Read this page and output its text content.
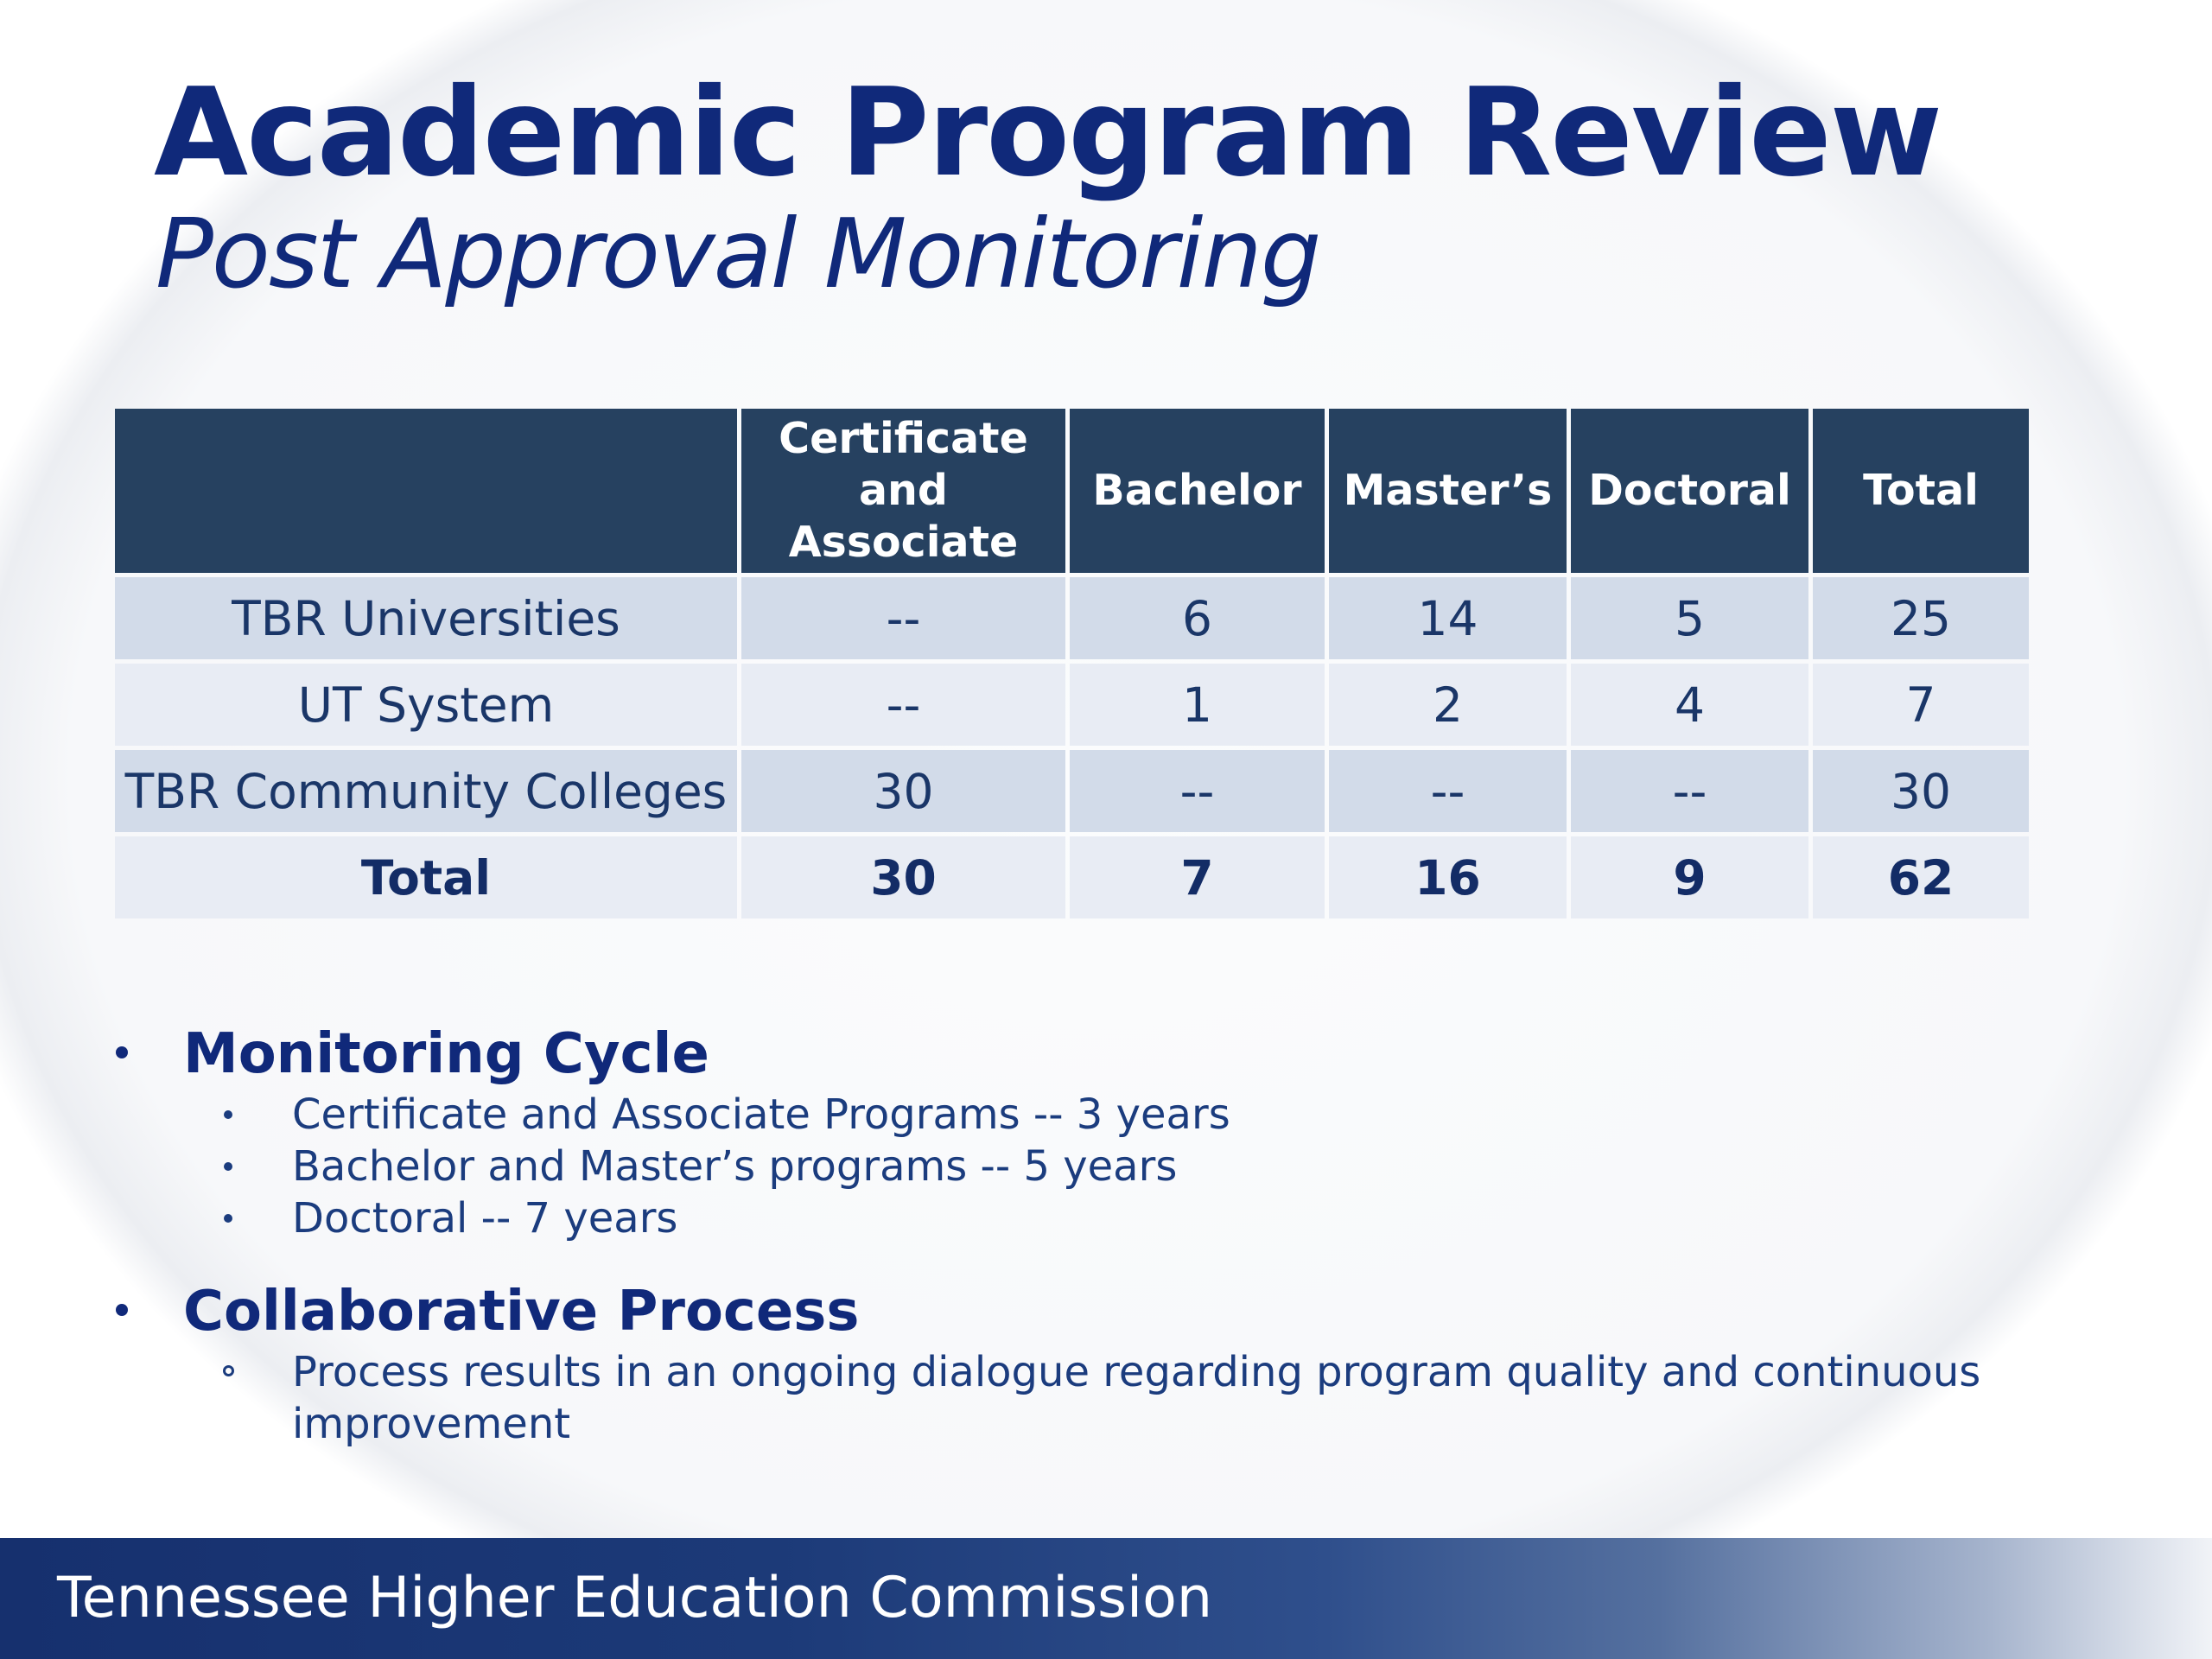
Academic Program Review
Post Approval Monitoring
	Certificate and Associate	Bachelor	Master’s	Doctoral	Total
TBR Universities	--	6	14	5	25
UT System	--	1	2	4	7
TBR Community Colleges	30	--	--	--	30
Total	30	7	16	9	62
Monitoring Cycle
Certificate and Associate Programs -- 3 years
Bachelor and Master’s programs -- 5 years
Doctoral -- 7 years
Collaborative Process
Process results in an ongoing dialogue regarding program quality and continuous improvement
Tennessee Higher Education Commission
